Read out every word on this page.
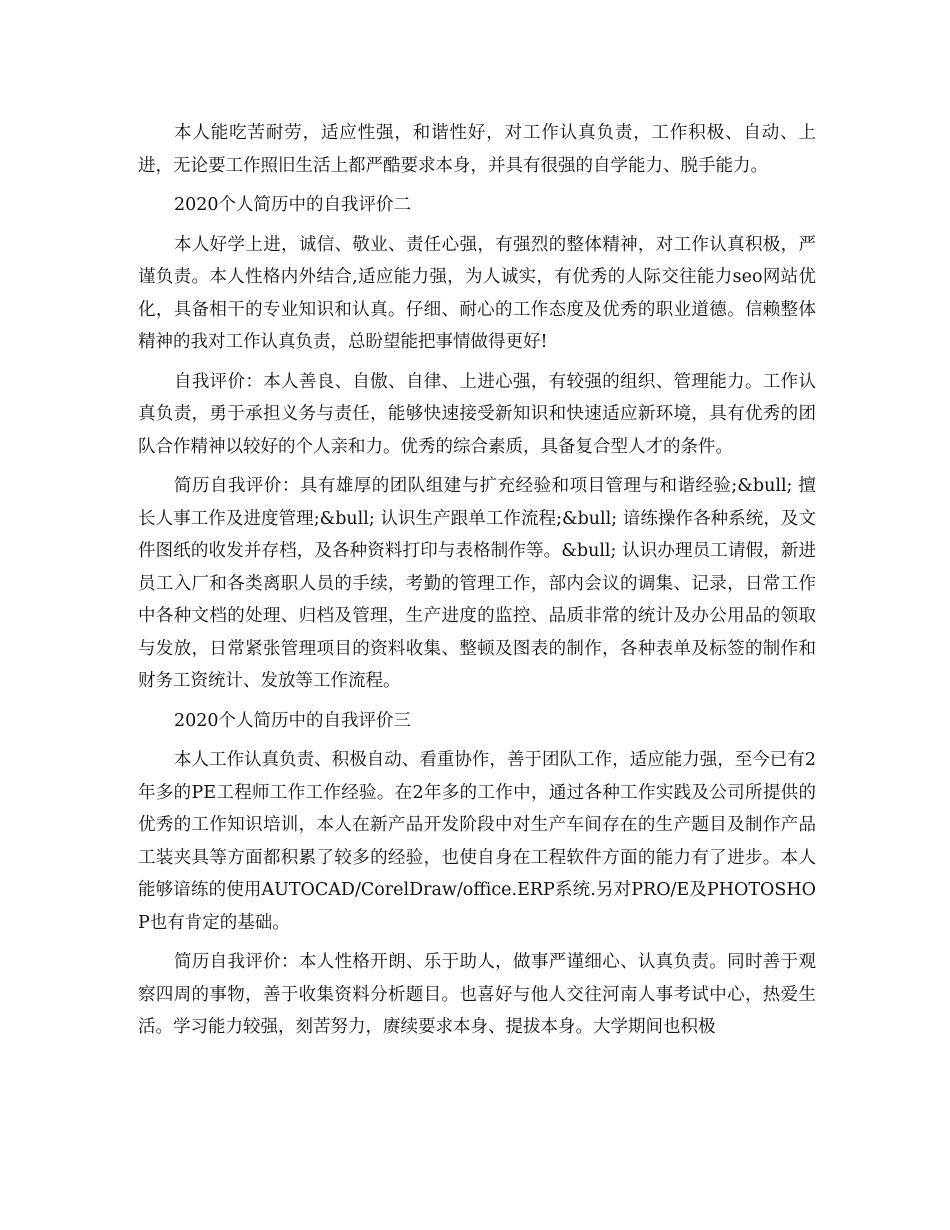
本人能吃苦耐劳，适应性强，和谐性好，对工作认真负责，工作积极、自动、上进，无论要工作照旧生活上都严酷要求本身，并具有很强的自学能力、脱手能力。

2020个人简历中的自我评价二

本人好学上进，诚信、敬业、责任心强，有强烈的整体精神，对工作认真积极，严谨负责。本人性格内外结合,适应能力强，为人诚实，有优秀的人际交往能力seo网站优化，具备相干的专业知识和认真。仔细、耐心的工作态度及优秀的职业道德。信赖整体精神的我对工作认真负责，总盼望能把事情做得更好!

自我评价：本人善良、自傲、自律、上进心强，有较强的组织、管理能力。工作认真负责，勇于承担义务与责任，能够快速接受新知识和快速适应新环境，具有优秀的团队合作精神以较好的个人亲和力。优秀的综合素质，具备复合型人才的条件。

简历自我评价：具有雄厚的团队组建与扩充经验和项目管理与和谐经验;&bull; 擅长人事工作及进度管理;&bull; 认识生产跟单工作流程;&bull; 谙练操作各种系统，及文件图纸的收发并存档，及各种资料打印与表格制作等。&bull; 认识办理员工请假，新进员工入厂和各类离职人员的手续，考勤的管理工作，部内会议的调集、记录，日常工作中各种文档的处理、归档及管理，生产进度的监控、品质非常的统计及办公用品的领取与发放，日常紧张管理项目的资料收集、整顿及图表的制作，各种表单及标签的制作和财务工资统计、发放等工作流程。

2020个人简历中的自我评价三

本人工作认真负责、积极自动、看重协作，善于团队工作，适应能力强，至今已有2年多的PE工程师工作工作经验。在2年多的工作中，通过各种工作实践及公司所提供的优秀的工作知识培训，本人在新产品开发阶段中对生产车间存在的生产题目及制作产品工装夹具等方面都积累了较多的经验，也使自身在工程软件方面的能力有了进步。本人能够谙练的使用AUTOCAD/CorelDraw/office.ERP系统.另对PRO/E及PHOTOSHOP也有肯定的基础。

简历自我评价：本人性格开朗、乐于助人，做事严谨细心、认真负责。同时善于观察四周的事物，善于收集资料分析题目。也喜好与他人交往河南人事考试中心，热爱生活。学习能力较强，刻苦努力，赓续要求本身、提拔本身。大学期间也积极
